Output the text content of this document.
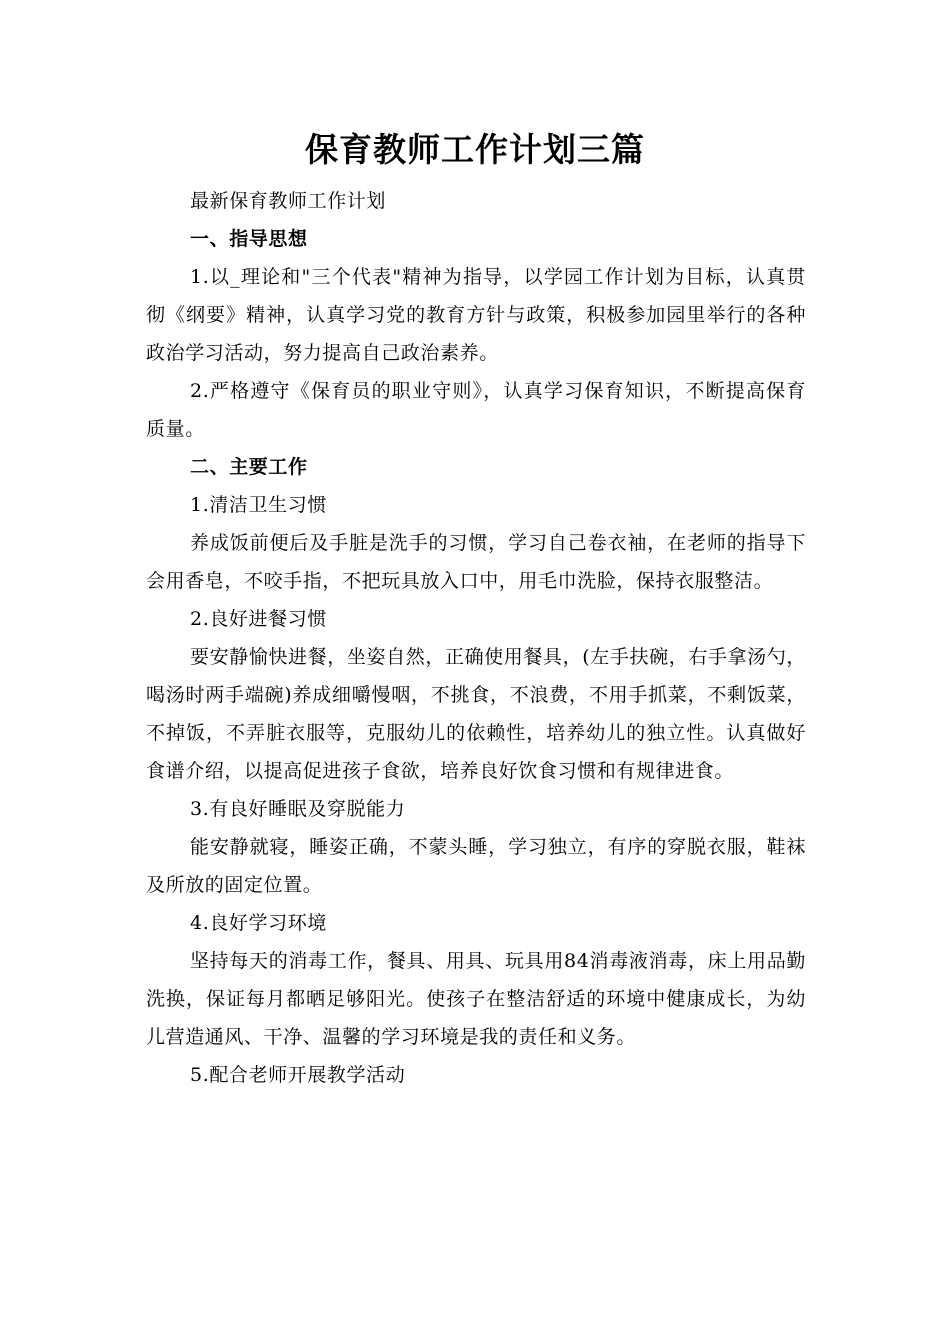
保育教师工作计划三篇

最新保育教师工作计划

一、指导思想

1.以_理论和"三个代表"精神为指导，以学园工作计划为目标，认真贯彻《纲要》精神，认真学习党的教育方针与政策，积极参加园里举行的各种政治学习活动，努力提高自己政治素养。

2.严格遵守《保育员的职业守则》，认真学习保育知识，不断提高保育质量。

二、主要工作

1.清洁卫生习惯

养成饭前便后及手脏是洗手的习惯，学习自己卷衣袖，在老师的指导下会用香皂，不咬手指，不把玩具放入口中，用毛巾洗脸，保持衣服整洁。

2.良好进餐习惯

要安静愉快进餐，坐姿自然，正确使用餐具，(左手扶碗，右手拿汤勺，喝汤时两手端碗)养成细嚼慢咽，不挑食，不浪费，不用手抓菜，不剩饭菜，不掉饭，不弄脏衣服等，克服幼儿的依赖性，培养幼儿的独立性。认真做好食谱介绍，以提高促进孩子食欲，培养良好饮食习惯和有规律进食。

3.有良好睡眠及穿脱能力

能安静就寝，睡姿正确，不蒙头睡，学习独立，有序的穿脱衣服，鞋袜及所放的固定位置。

4.良好学习环境

坚持每天的消毒工作，餐具、用具、玩具用84消毒液消毒，床上用品勤洗换，保证每月都晒足够阳光。使孩子在整洁舒适的环境中健康成长，为幼儿营造通风、干净、温馨的学习环境是我的责任和义务。

5.配合老师开展教学活动
